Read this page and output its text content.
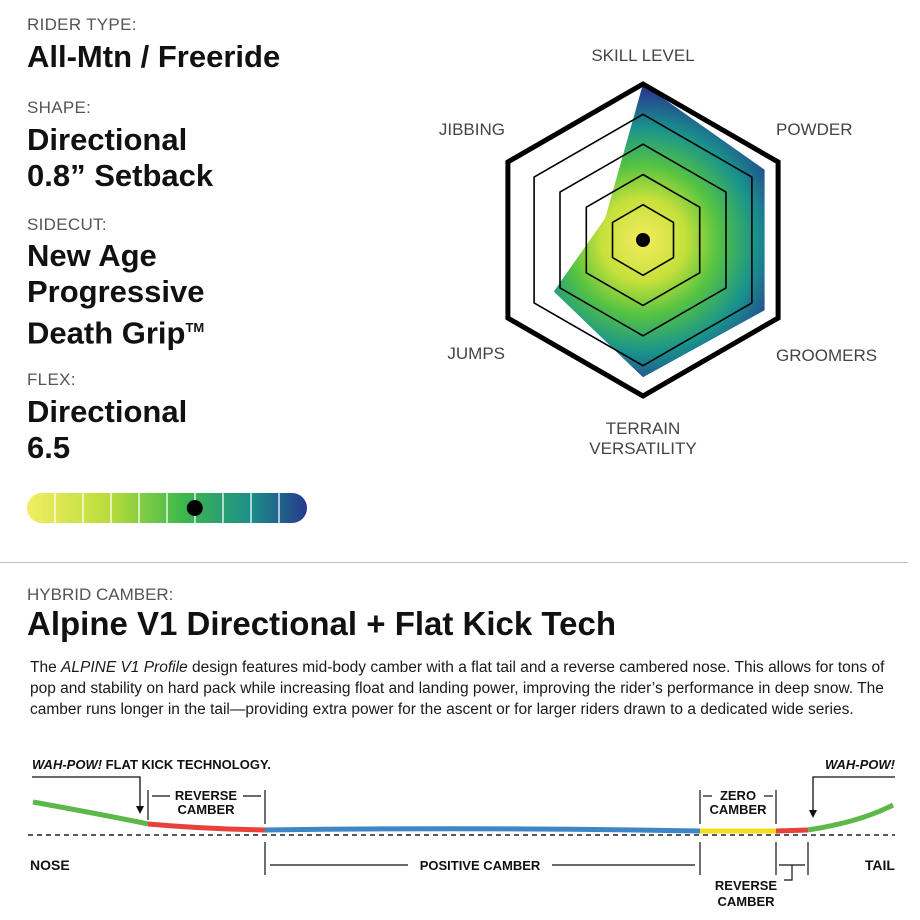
RIDER TYPE:
All-Mtn / Freeride
SHAPE:
Directional
0.8” Setback
SIDECUT:
New Age
Progressive
Death Grip™
FLEX:
Directional
6.5
SKILL LEVEL
POWDER
GROOMERS
TERRAIN
VERSATILITY
JUMPS
JIBBING
HYBRID CAMBER:
Alpine V1 Directional + Flat Kick Tech
The ALPINE V1 Profile design features mid-body camber with a flat tail and a reverse cambered nose. This allows for tons of pop and stability on hard pack while increasing float and landing power, improving the rider’s performance in deep snow. The camber runs longer in the tail—providing extra power for the ascent or for larger riders drawn to a dedicated wide series.
WAH-POW! FLAT KICK TECHNOLOGY.
REVERSE
CAMBER
ZERO
CAMBER
WAH-POW!
POSITIVE CAMBER
REVERSE
CAMBER
NOSE	TAIL
